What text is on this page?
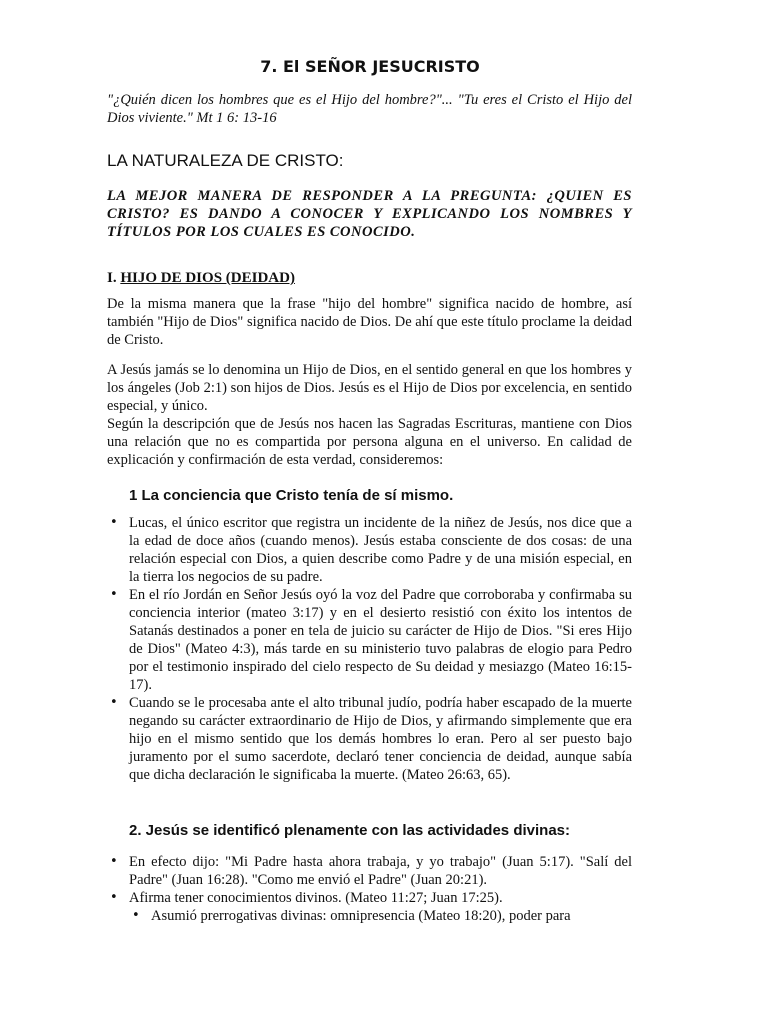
7. El SEÑOR JESUCRISTO
"¿Quién dicen los hombres que es el Hijo del hombre?"... "Tu eres el Cristo el Hijo del Dios viviente." Mt 1 6: 13-16
LA NATURALEZA DE CRISTO:
LA MEJOR MANERA DE RESPONDER A LA PREGUNTA: ¿QUIEN ES CRISTO? ES DANDO A CONOCER Y EXPLICANDO LOS NOMBRES Y TÍTULOS POR LOS CUALES ES CONOCIDO.
I. HIJO DE DIOS (DEIDAD)

De la misma manera que la frase "hijo del hombre" significa nacido de hombre, así también "Hijo de Dios" significa nacido de Dios. De ahí que este título proclame la deidad de Cristo.

A Jesús jamás se lo denomina un Hijo de Dios, en el sentido general en que los hombres y los ángeles (Job 2:1) son hijos de Dios. Jesús es el Hijo de Dios por excelencia, en sentido especial, y único.

Según la descripción que de Jesús nos hacen las Sagradas Escrituras, mantiene con Dios una relación que no es compartida por persona alguna en el universo. En calidad de explicación y confirmación de esta verdad, consideremos:

1 La conciencia que Cristo tenía de sí mismo.
• Lucas, el único escritor que registra un incidente de la niñez de Jesús, nos dice que a la edad de doce años (cuando menos). Jesús estaba consciente de dos cosas: de una relación especial con Dios, a quien describe como Padre y de una misión especial, en la tierra los negocios de su padre.
• En el río Jordán en Señor Jesús oyó la voz del Padre que corroboraba y confirmaba su conciencia interior (mateo 3:17) y en el desierto resistió con éxito los intentos de Satanás destinados a poner en tela de juicio su carácter de Hijo de Dios. "Si eres Hijo de Dios" (Mateo 4:3), más tarde en su ministerio tuvo palabras de elogio para Pedro por el testimonio inspirado del cielo respecto de Su deidad y mesiazgo (Mateo 16:15-17).
• Cuando se le procesaba ante el alto tribunal judío, podría haber escapado de la muerte negando su carácter extraordinario de Hijo de Dios, y afirmando simplemente que era hijo en el mismo sentido que los demás hombres lo eran. Pero al ser puesto bajo juramento por el sumo sacerdote, declaró tener conciencia de deidad, aunque sabía que dicha declaración le significaba la muerte. (Mateo 26:63, 65).
2. Jesús se identificó plenamente con las actividades divinas:
• En efecto dijo: "Mi Padre hasta ahora trabaja, y yo trabajo" (Juan 5:17). "Salí del Padre" (Juan 16:28). "Como me envió el Padre" (Juan 20:21).
• Afirma tener conocimientos divinos. (Mateo 11:27; Juan 17:25).
• Asumió prerrogativas divinas: omnipresencia (Mateo 18:20), poder para
